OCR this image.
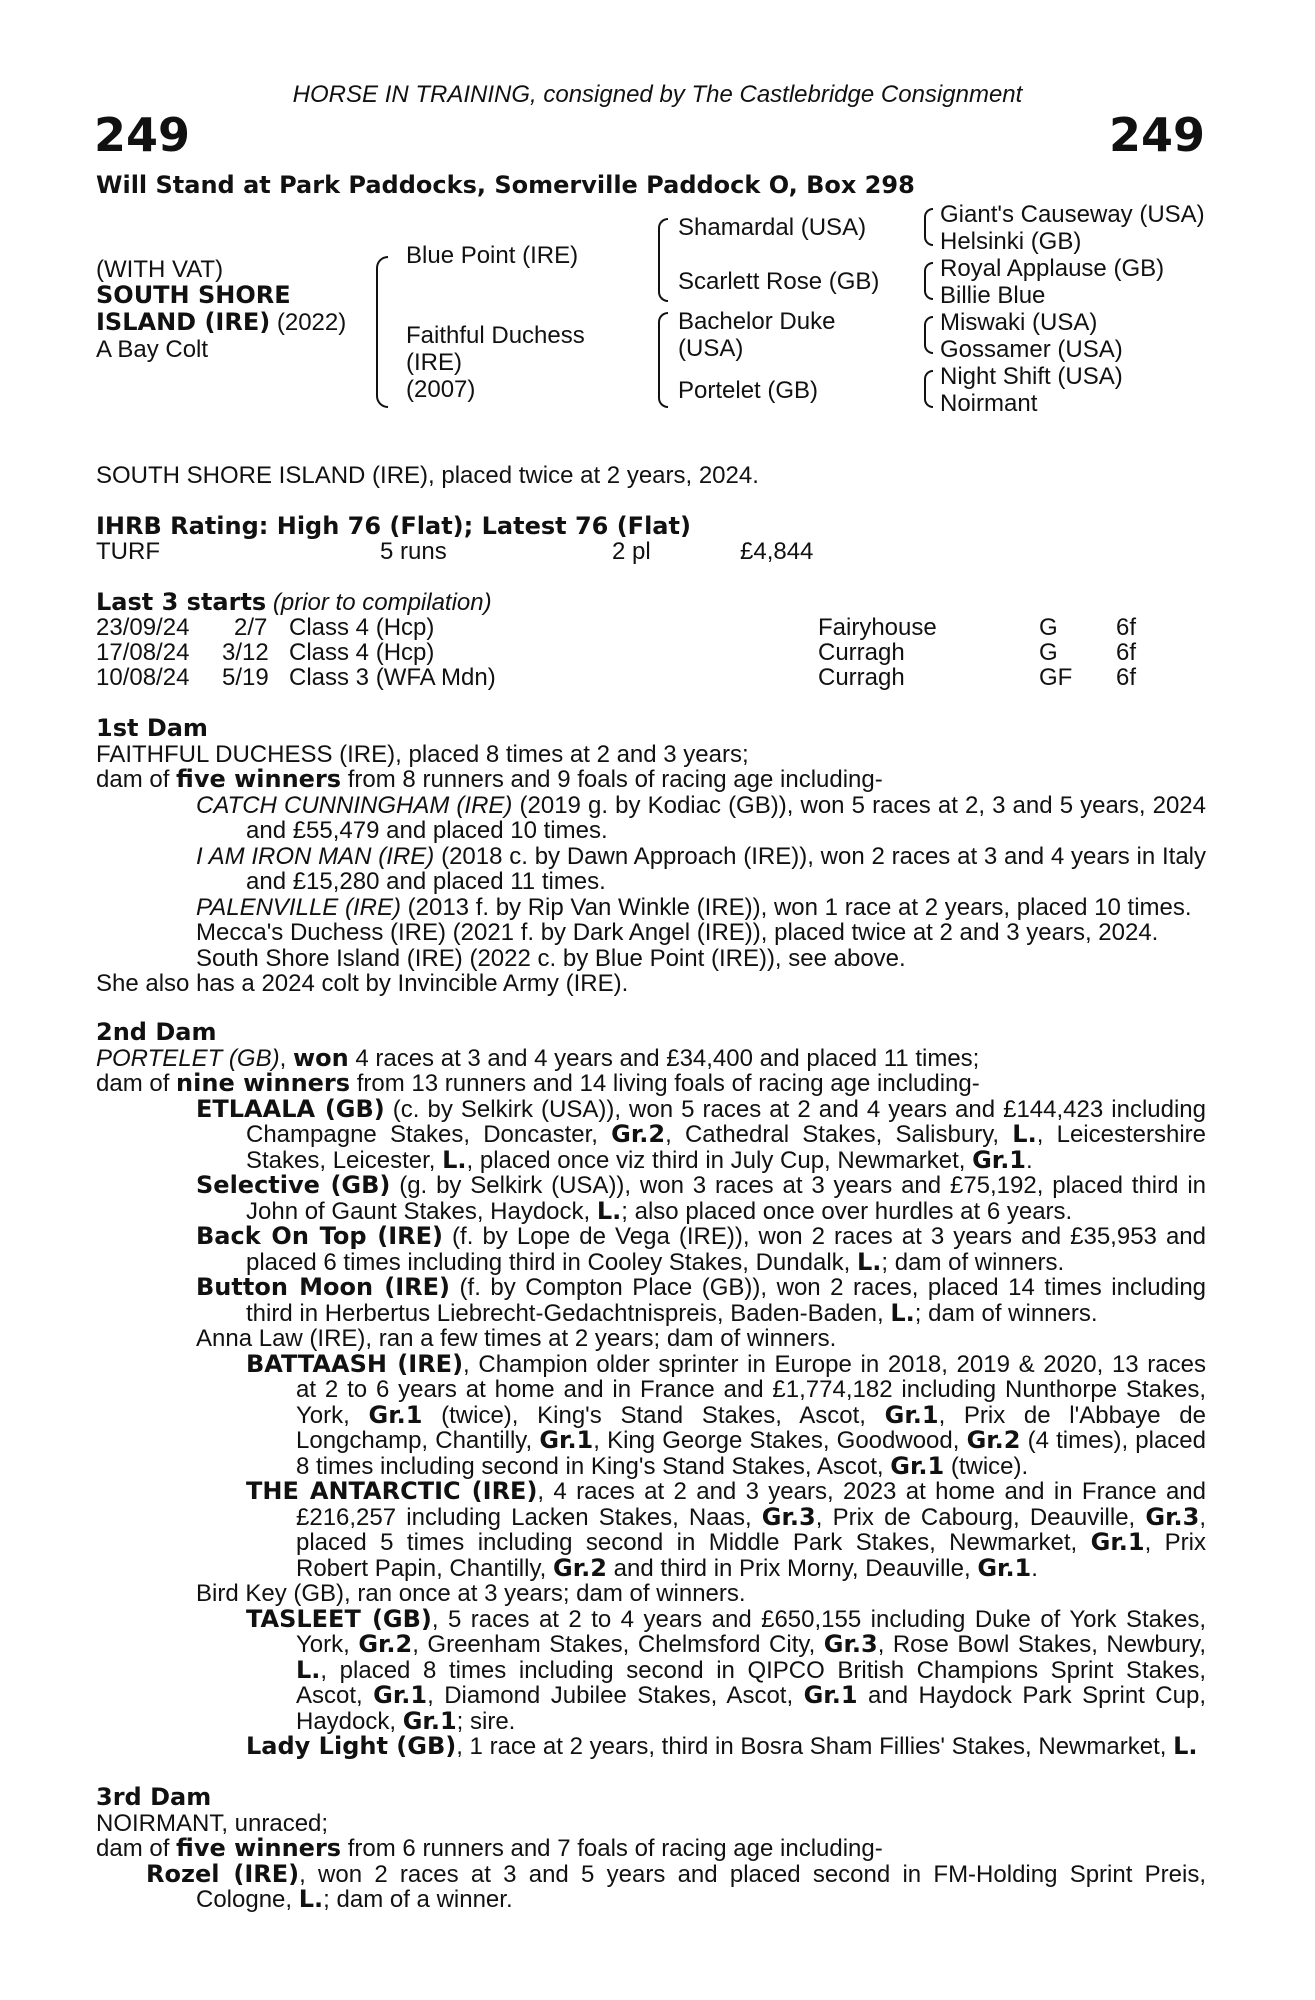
HORSE IN TRAINING, consigned by The Castlebridge Consignment
249	249
Will Stand at Park Paddocks, Somerville Paddock O, Box 298
(WITH VAT)
SOUTH SHORE
ISLAND (IRE) (2022)
A Bay Colt
Blue Point (IRE)
Faithful Duchess
(IRE)
(2007)
Shamardal (USA)
Scarlett Rose (GB)
Bachelor Duke
(USA)
Portelet (GB)
Giant's Causeway (USA)
Helsinki (GB)
Royal Applause (GB)
Billie Blue
Miswaki (USA)
Gossamer (USA)
Night Shift (USA)
Noirmant
SOUTH SHORE ISLAND (IRE), placed twice at 2 years, 2024.
IHRB Rating: High 76 (Flat); Latest 76 (Flat)
TURF	5 runs	2 pl	£4,844
Last 3 starts (prior to compilation)
23/09/24 2/7 Class 4 (Hcp)	Fairyhouse	G 6f
17/08/24 3/12 Class 4 (Hcp)	Curragh	G 6f
10/08/24 5/19 Class 3 (WFA Mdn)	Curragh	GF 6f

1st Dam

FAITHFUL DUCHESS (IRE), placed 8 times at 2 and 3 years;

dam of five winners from 8 runners and 9 foals of racing age including-

CATCH CUNNINGHAM (IRE) (2019 g. by Kodiac (GB)), won 5 races at 2, 3 and 5 years, 2024 and £55,479 and placed 10 times.

I AM IRON MAN (IRE) (2018 c. by Dawn Approach (IRE)), won 2 races at 3 and 4 years in Italy and £15,280 and placed 11 times.

PALENVILLE (IRE) (2013 f. by Rip Van Winkle (IRE)), won 1 race at 2 years, placed 10 times.

Mecca's Duchess (IRE) (2021 f. by Dark Angel (IRE)), placed twice at 2 and 3 years, 2024.

South Shore Island (IRE) (2022 c. by Blue Point (IRE)), see above.

She also has a 2024 colt by Invincible Army (IRE).

2nd Dam

PORTELET (GB), won 4 races at 3 and 4 years and £34,400 and placed 11 times;

dam of nine winners from 13 runners and 14 living foals of racing age including-

ETLAALA (GB) (c. by Selkirk (USA)), won 5 races at 2 and 4 years and £144,423 including Champagne Stakes, Doncaster, Gr.2, Cathedral Stakes, Salisbury, L., Leicestershire Stakes, Leicester, L., placed once viz third in July Cup, Newmarket, Gr.1.

Selective (GB) (g. by Selkirk (USA)), won 3 races at 3 years and £75,192, placed third in John of Gaunt Stakes, Haydock, L.; also placed once over hurdles at 6 years.

Back On Top (IRE) (f. by Lope de Vega (IRE)), won 2 races at 3 years and £35,953 and placed 6 times including third in Cooley Stakes, Dundalk, L.; dam of winners.

Button Moon (IRE) (f. by Compton Place (GB)), won 2 races, placed 14 times including third in Herbertus Liebrecht-Gedachtnispreis, Baden-Baden, L.; dam of winners.

Anna Law (IRE), ran a few times at 2 years; dam of winners.

BATTAASH (IRE), Champion older sprinter in Europe in 2018, 2019 & 2020, 13 races at 2 to 6 years at home and in France and £1,774,182 including Nunthorpe Stakes, York, Gr.1 (twice), King's Stand Stakes, Ascot, Gr.1, Prix de l'Abbaye de Longchamp, Chantilly, Gr.1, King George Stakes, Goodwood, Gr.2 (4 times), placed 8 times including second in King's Stand Stakes, Ascot, Gr.1 (twice).

THE ANTARCTIC (IRE), 4 races at 2 and 3 years, 2023 at home and in France and £216,257 including Lacken Stakes, Naas, Gr.3, Prix de Cabourg, Deauville, Gr.3, placed 5 times including second in Middle Park Stakes, Newmarket, Gr.1, Prix Robert Papin, Chantilly, Gr.2 and third in Prix Morny, Deauville, Gr.1.

Bird Key (GB), ran once at 3 years; dam of winners.

TASLEET (GB), 5 races at 2 to 4 years and £650,155 including Duke of York Stakes, York, Gr.2, Greenham Stakes, Chelmsford City, Gr.3, Rose Bowl Stakes, Newbury, L., placed 8 times including second in QIPCO British Champions Sprint Stakes, Ascot, Gr.1, Diamond Jubilee Stakes, Ascot, Gr.1 and Haydock Park Sprint Cup, Haydock, Gr.1; sire.

Lady Light (GB), 1 race at 2 years, third in Bosra Sham Fillies' Stakes, Newmarket, L.

3rd Dam

NOIRMANT, unraced;

dam of five winners from 6 runners and 7 foals of racing age including-

Rozel (IRE), won 2 races at 3 and 5 years and placed second in FM-Holding Sprint Preis, Cologne, L.; dam of a winner.
